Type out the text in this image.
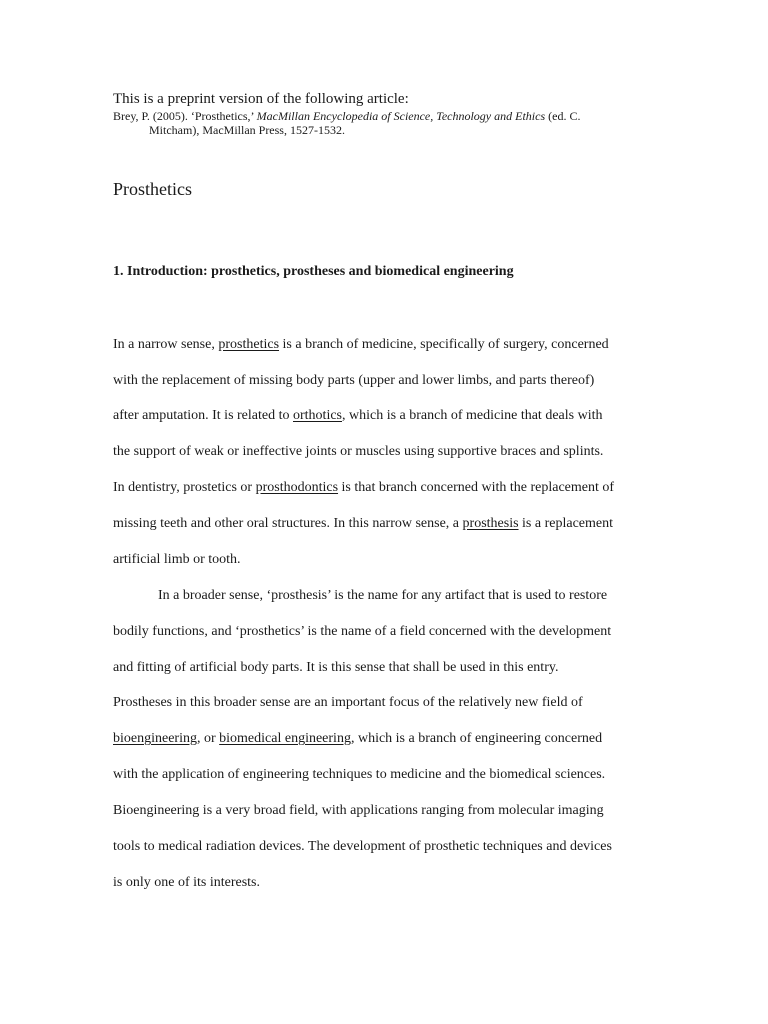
This is a preprint version of the following article:
Brey, P. (2005). ‘Prosthetics,’ MacMillan Encyclopedia of Science, Technology and Ethics (ed. C.
Mitcham), MacMillan Press, 1527-1532.
Prosthetics
1. Introduction: prosthetics, prostheses and biomedical engineering
In a narrow sense, prosthetics is a branch of medicine, specifically of surgery, concerned
with the replacement of missing body parts (upper and lower limbs, and parts thereof)
after amputation. It is related to orthotics, which is a branch of medicine that deals with
the support of weak or ineffective joints or muscles using supportive braces and splints.
In dentistry, prostetics or prosthodontics is that branch concerned with the replacement of
missing teeth and other oral structures. In this narrow sense, a prosthesis is a replacement
artificial limb or tooth.
In a broader sense, ‘prosthesis’ is the name for any artifact that is used to restore
bodily functions, and ‘prosthetics’ is the name of a field concerned with the development
and fitting of artificial body parts. It is this sense that shall be used in this entry.
Prostheses in this broader sense are an important focus of the relatively new field of
bioengineering, or biomedical engineering, which is a branch of engineering concerned
with the application of engineering techniques to medicine and the biomedical sciences.
Bioengineering is a very broad field, with applications ranging from molecular imaging
tools to medical radiation devices. The development of prosthetic techniques and devices
is only one of its interests.
